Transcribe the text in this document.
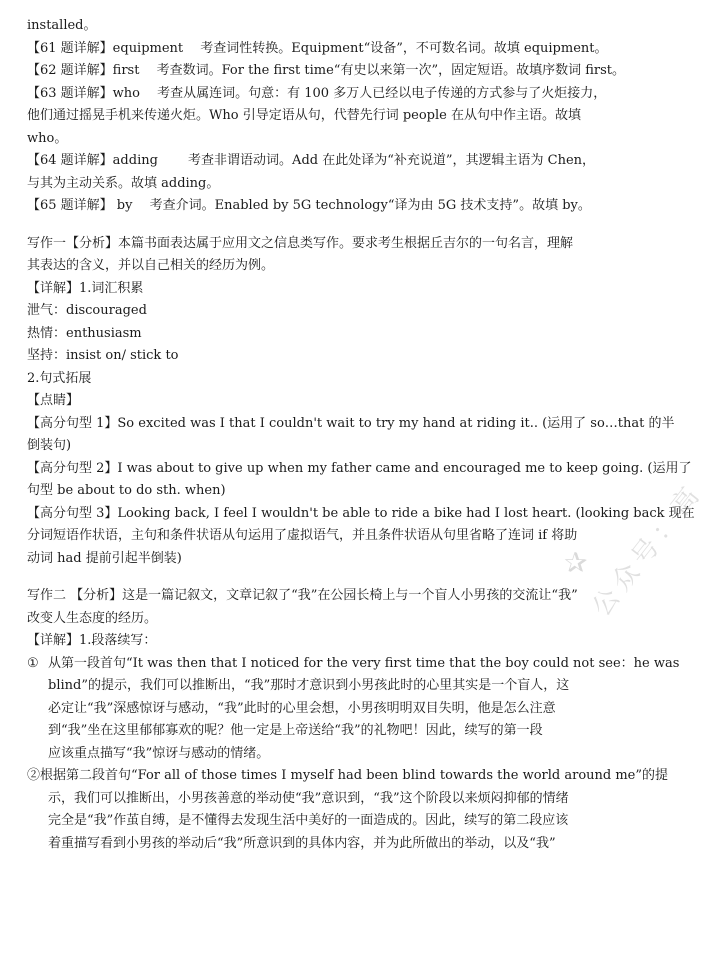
installed。
【61 题详解】equipment　 考查词性转换。Equipment“设备”，不可数名词。故填 equipment。
【62 题详解】first　 考查数词。For the first time“有史以来第一次”，固定短语。故填序数词 first。
【63 题详解】who　 考查从属连词。句意：有 100 多万人已经以电子传递的方式参与了火炬接力，
他们通过摇晃手机来传递火炬。Who 引导定语从句，代替先行词 people 在从句中作主语。故填
who。
【64 题详解】adding　　 考查非谓语动词。Add 在此处译为“补充说道”，其逻辑主语为 Chen，
与其为主动关系。故填 adding。
【65 题详解】 by　 考查介词。Enabled by 5G technology“译为由 5G 技术支持”。故填 by。
写作一【分析】本篇书面表达属于应用文之信息类写作。要求考生根据丘吉尔的一句名言，理解
其表达的含义，并以自己相关的经历为例。
【详解】1.词汇积累
泄气：discouraged
热情：enthusiasm
坚持：insist on/ stick to
2.句式拓展
【点睛】
【高分句型 1】So excited was I that I couldn't wait to try my hand at riding it.. (运用了 so…that 的半
倒装句)
【高分句型 2】I was about to give up when my father came and encouraged me to keep going. (运用了
句型 be about to do sth. when)
【高分句型 3】Looking back, I feel I wouldn't be able to ride a bike had I lost heart. (looking back 现在
分词短语作状语，主句和条件状语从句运用了虚拟语气，并且条件状语从句里省略了连词 if 将助
动词 had 提前引起半倒装)
写作二 【分析】这是一篇记叙文，文章记叙了“我”在公园长椅上与一个盲人小男孩的交流让“我”
改变人生态度的经历。
【详解】1.段落续写：
① 从第一段首句“It was then that I noticed for the very first time that the boy could not see：he was
blind”的提示，我们可以推断出，“我”那时才意识到小男孩此时的心里其实是一个盲人，这
必定让“我”深感惊讶与感动，“我”此时的心里会想，小男孩明明双目失明，他是怎么注意
到“我”坐在这里郁郁寡欢的呢？他一定是上帝送给“我”的礼物吧！因此，续写的第一段
应该重点描写“我”惊讶与感动的情绪。
②根据第二段首句“For all of those times I myself had been blind towards the world around me”的提
示，我们可以推断出，小男孩善意的举动使“我”意识到，“我”这个阶段以来烦闷抑郁的情绪
完全是“我”作茧自缚，是不懂得去发现生活中美好的一面造成的。因此，续写的第二段应该
着重描写看到小男孩的举动后“我”所意识到的具体内容，并为此所做出的举动，以及“我”
公众号：高
✰
